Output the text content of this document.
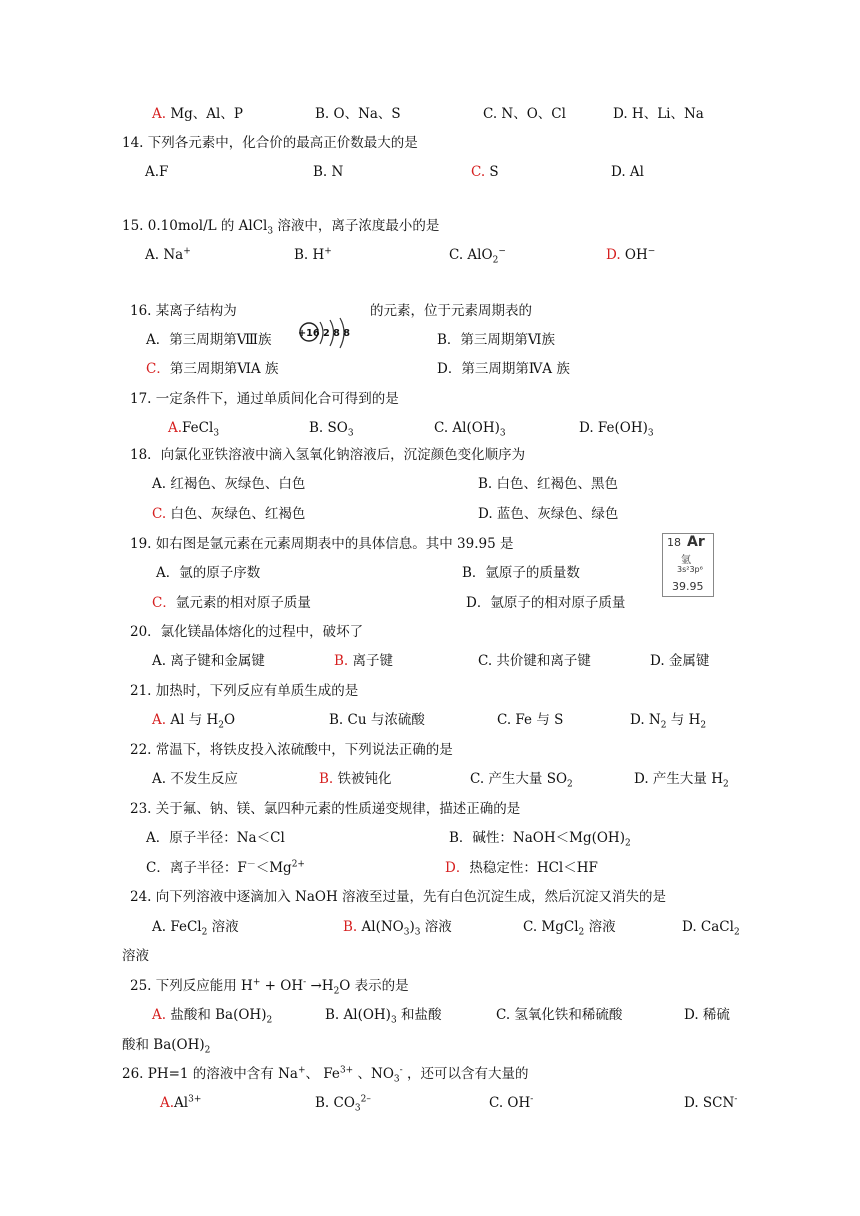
A. Mg、Al、P	B. O、Na、S	C. N、O、Cl	D. H、Li、Na
14. 下列各元素中，化合价的最高正价数最大的是
A.F	B. N	C. S	D. Al
15. 0.10mol/L 的 AlCl$_3$ 溶液中，离子浓度最小的是
A. Na+	B. H+	C. AlO$_2$−	D. OH−
16. 某离子结构为
+16 2 8 8
的元素，位于元素周期表的
A．第三周期第Ⅷ族	B．第三周期第Ⅵ族
C．第三周期第ⅥA 族	D．第三周期第ⅣA 族
17. 一定条件下，通过单质间化合可得到的是
A.FeCl$_3$	B. $SO_3$	C. $Al(OH)_3$	D. $Fe(OH)_3$
18．向氯化亚铁溶液中滴入氢氧化钠溶液后，沉淀颜色变化顺序为
A. 红褐色、灰绿色、白色	B. 白色、红褐色、黑色
C. 白色、灰绿色、红褐色	D. 蓝色、灰绿色、绿色
19. 如右图是氩元素在元素周期表中的具体信息。其中 39.95 是	18 Ar
氩
3s²3p⁶
39.95
A．氩的原子序数	B．氩原子的质量数
C．氩元素的相对原子质量	D．氩原子的相对原子质量
20．氯化镁晶体熔化的过程中，破坏了
A. 离子键和金属键	B. 离子键	C. 共价键和离子键	D. 金属键
21. 加热时，下列反应有单质生成的是
A. Al 与 $H_2O$	B. Cu 与浓硫酸	C. Fe 与 S	D. $N_2$ 与 $H_2$
22. 常温下，将铁皮投入浓硫酸中，下列说法正确的是
A. 不发生反应	B. 铁被钝化	C. 产生大量 $SO_2$	D. 产生大量 $H_2$
23. 关于氟、钠、镁、氯四种元素的性质递变规律，描述正确的是
A．原子半径：Na＜Cl	B．碱性：$NaOH<Mg(OH)_2$
C．离子半径：$F^-<Mg^{2+}$	D．热稳定性：HCl＜HF
24. 向下列溶液中逐滴加入 NaOH 溶液至过量，先有白色沉淀生成，然后沉淀又消失的是
A. FeCl$_2$ 溶液	B. $Al(NO_3)_3$ 溶液	C. MgCl$_2$ 溶液	D. CaCl$_2$
溶液
25. 下列反应能用 $H^+ + OH^- \to H_2O$ 表示的是
A. 盐酸和 $Ba(OH)_2$	B. $Al(OH)_3$ 和盐酸	C. 氢氧化铁和稀硫酸	D. 稀硫
酸和 $Ba(OH)_2$
26. PH=1 的溶液中含有 Na+、 $Fe^{3+}$ 、$NO_3^-$ ，还可以含有大量的
$A.Al^{3+}$	B. $CO_3^{2-}$	C. OH-	D. SCN-
